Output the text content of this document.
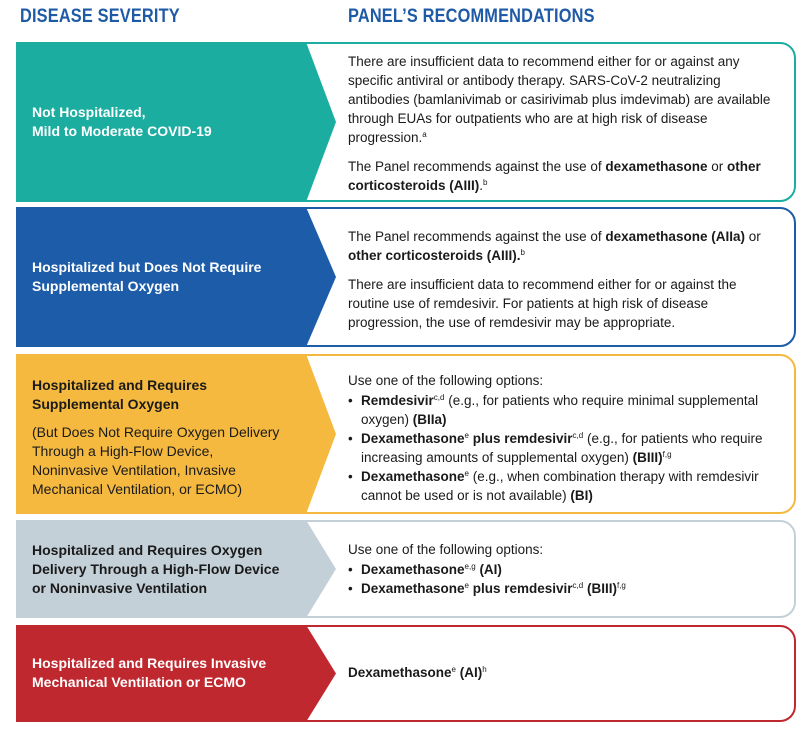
DISEASE SEVERITY	PANEL’S RECOMMENDATIONS
Not Hospitalized,
Mild to Moderate COVID-19

There are insufficient data to recommend either for or against any specific antiviral or antibody therapy. SARS-CoV-2 neutralizing antibodies (bamlanivimab or casirivimab plus imdevimab) are available through EUAs for outpatients who are at high risk of disease progression.$^a$

The Panel recommends against the use of dexamethasone or other corticosteroids (AIII).$^b$

Hospitalized but Does Not Require
Supplemental Oxygen

The Panel recommends against the use of dexamethasone (AIIa) or other corticosteroids (AIII).$^b$

There are insufficient data to recommend either for or against the routine use of remdesivir. For patients at high risk of disease progression, the use of remdesivir may be appropriate.

Hospitalized and Requires
Supplemental Oxygen
(But Does Not Require Oxygen Delivery
Through a High-Flow Device,
Noninvasive Ventilation, Invasive
Mechanical Ventilation, or ECMO)

Use one of the following options:

• Remdesivir$^{c,d}$ (e.g., for patients who require minimal supplemental oxygen) (BIIa)
• Dexamethasone$^e$ plus remdesivir$^{c,d}$ (e.g., for patients who require increasing amounts of supplemental oxygen) (BIII)$^{f,g}$
• Dexamethasone$^e$ (e.g., when combination therapy with remdesivir cannot be used or is not available) (BI)
Hospitalized and Requires Oxygen
Delivery Through a High-Flow Device
or Noninvasive Ventilation

Use one of the following options:

• Dexamethasone$^{e,g}$ (AI)
• Dexamethasone$^e$ plus remdesivir$^{c,d}$ (BIII)$^{f,g}$
Hospitalized and Requires Invasive
Mechanical Ventilation or ECMO

Dexamethasone$^e$ (AI)$^h$
